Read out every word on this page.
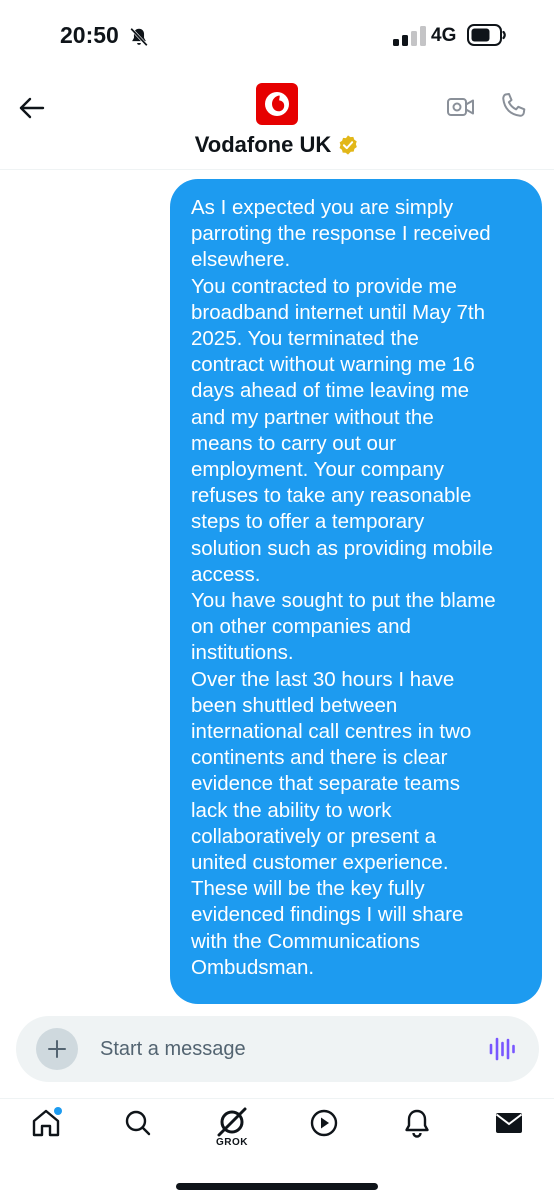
20:50	4G
Vodafone UK

As I expected you are simply
parroting the response I received
elsewhere.
You contracted to provide me
broadband internet until May 7th
2025. You terminated the
contract without warning me 16
days ahead of time leaving me
and my partner without the
means to carry out our
employment. Your company
refuses to take any reasonable
steps to offer a temporary
solution such as providing mobile
access.
You have sought to put the blame
on other companies and
institutions.
Over the last 30 hours I have
been shuttled between
international call centres in two
continents and there is clear
evidence that separate teams
lack the ability to work
collaboratively or present a
united customer experience.
These will be the key fully
evidenced findings I will share
with the Communications
Ombudsman.

Start a message
GROK
